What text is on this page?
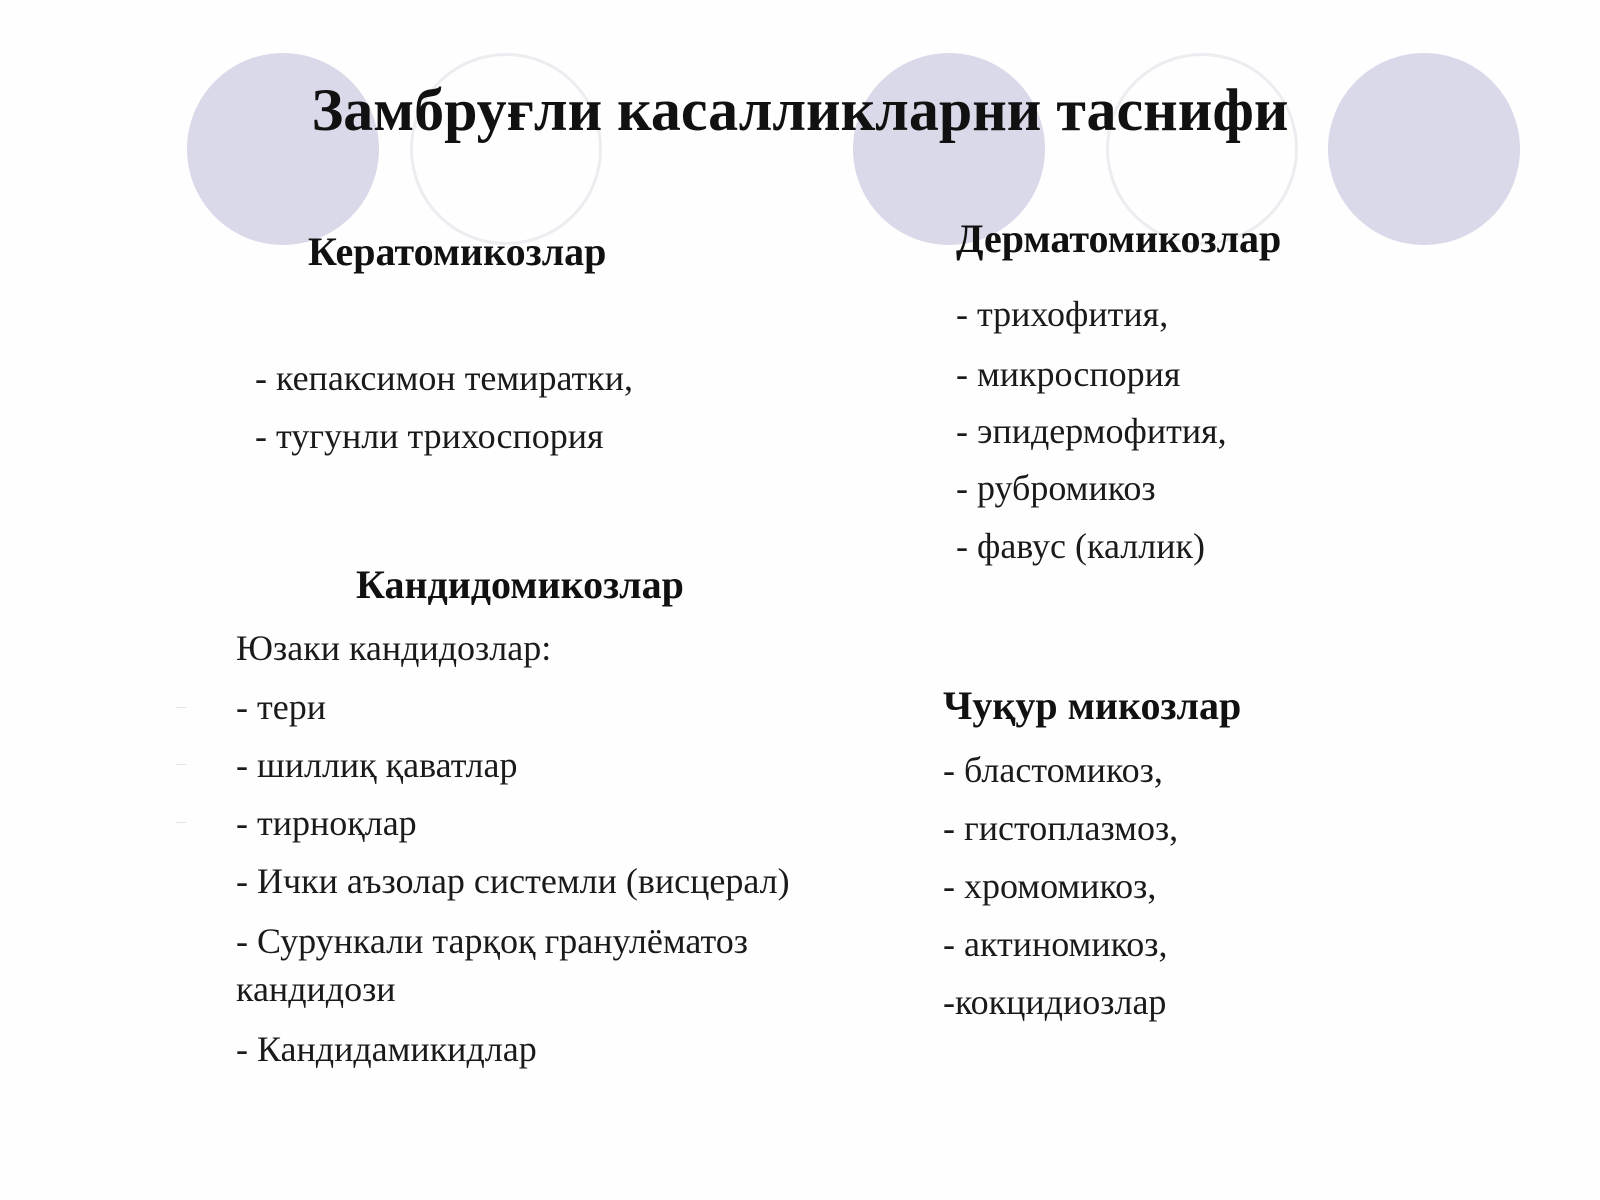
Замбруғли касалликларни таснифи
Кератомикозлар
- кепаксимон темиратки,
- тугунли трихоспория
Дерматомикозлар
- трихофития,
- микроспория
- эпидермофития,
- рубромикоз
- фавус (каллик)
Кандидомикозлар
Юзаки кандидозлар:
–
–
–
- тери
- шиллиқ қаватлар
- тирноқлар
- Ички аъзолар системли (висцерал)
- Сурункали тарқоқ гранулёматоз кандидози
- Кандидамикидлар
Чуқур микозлар
- бластомикоз,
- гистоплазмоз,
- хромомикоз,
- актиномикоз,
-кокцидиозлар
